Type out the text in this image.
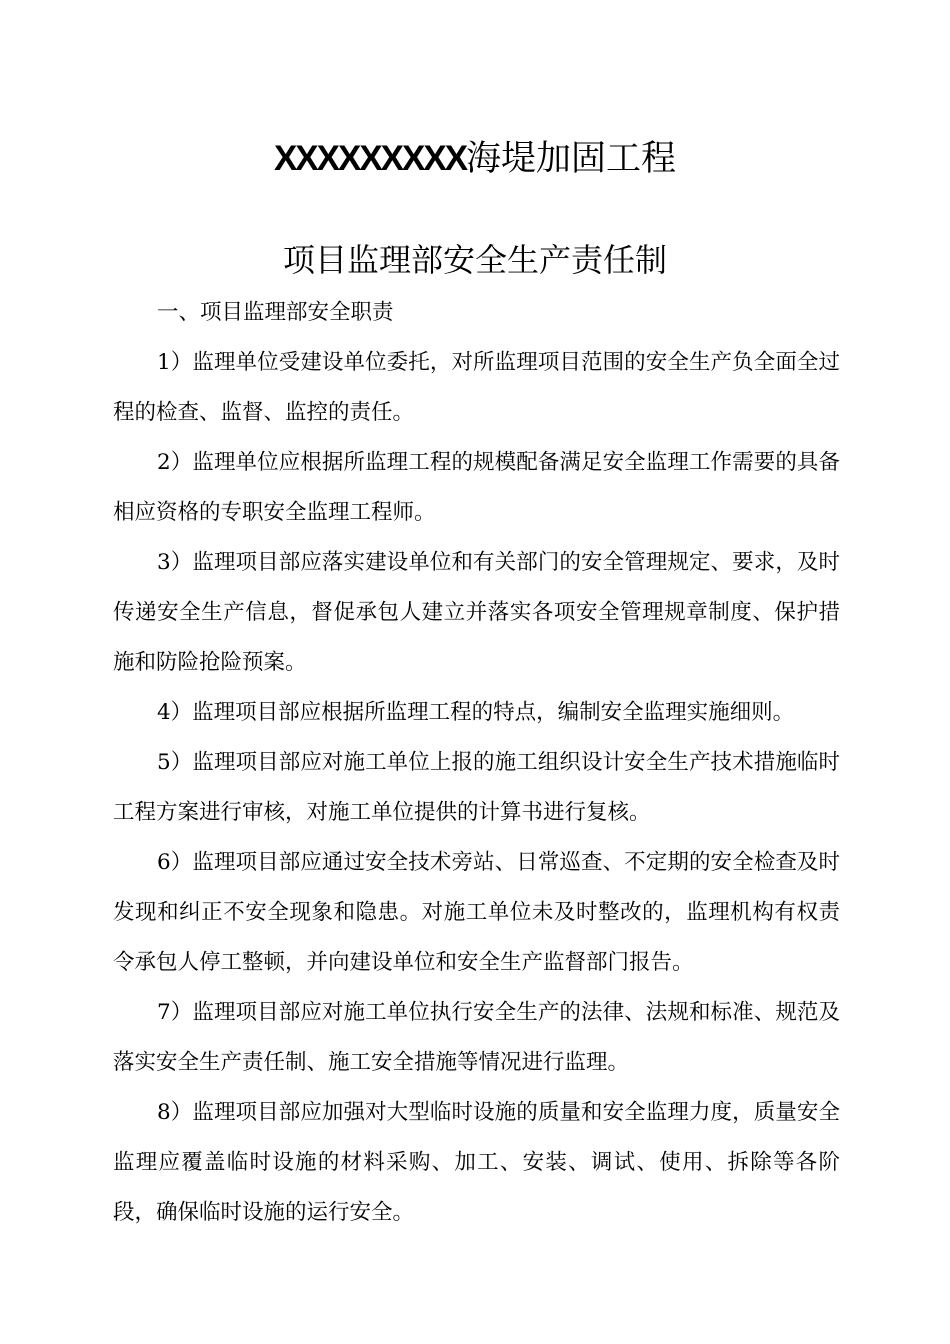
XXXXXXXXX海堤加固工程
项目监理部安全生产责任制

一、项目监理部安全职责

1）监理单位受建设单位委托，对所监理项目范围的安全生产负全面全过程的检查、监督、监控的责任。

2）监理单位应根据所监理工程的规模配备满足安全监理工作需要的具备相应资格的专职安全监理工程师。

3）监理项目部应落实建设单位和有关部门的安全管理规定、要求，及时传递安全生产信息，督促承包人建立并落实各项安全管理规章制度、保护措施和防险抢险预案。

4）监理项目部应根据所监理工程的特点，编制安全监理实施细则。

5）监理项目部应对施工单位上报的施工组织设计安全生产技术措施临时工程方案进行审核，对施工单位提供的计算书进行复核。

6）监理项目部应通过安全技术旁站、日常巡查、不定期的安全检查及时发现和纠正不安全现象和隐患。对施工单位未及时整改的，监理机构有权责令承包人停工整顿，并向建设单位和安全生产监督部门报告。

7）监理项目部应对施工单位执行安全生产的法律、法规和标准、规范及落实安全生产责任制、施工安全措施等情况进行监理。

8）监理项目部应加强对大型临时设施的质量和安全监理力度，质量安全监理应覆盖临时设施的材料采购、加工、安装、调试、使用、拆除等各阶段，确保临时设施的运行安全。
